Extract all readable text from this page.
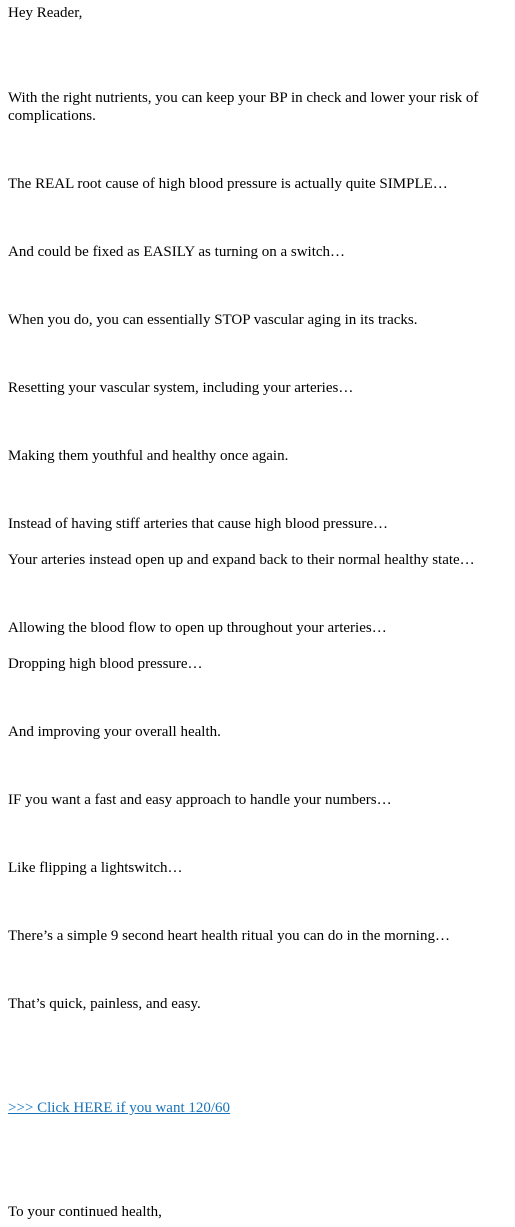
Hey Reader,

With the right nutrients, you can keep your BP in check and lower your risk of complications.

The REAL root cause of high blood pressure is actually quite SIMPLE…

And could be fixed as EASILY as turning on a switch…

When you do, you can essentially STOP vascular aging in its tracks.

Resetting your vascular system, including your arteries…

Making them youthful and healthy once again.

Instead of having stiff arteries that cause high blood pressure…

Your arteries instead open up and expand back to their normal healthy state…

Allowing the blood flow to open up throughout your arteries…

Dropping high blood pressure…

And improving your overall health.

IF you want a fast and easy approach to handle your numbers…

Like flipping a lightswitch…

There’s a simple 9 second heart health ritual you can do in the morning…

That’s quick, painless, and easy.

>>> Click HERE if you want 120/60

To your continued health,
